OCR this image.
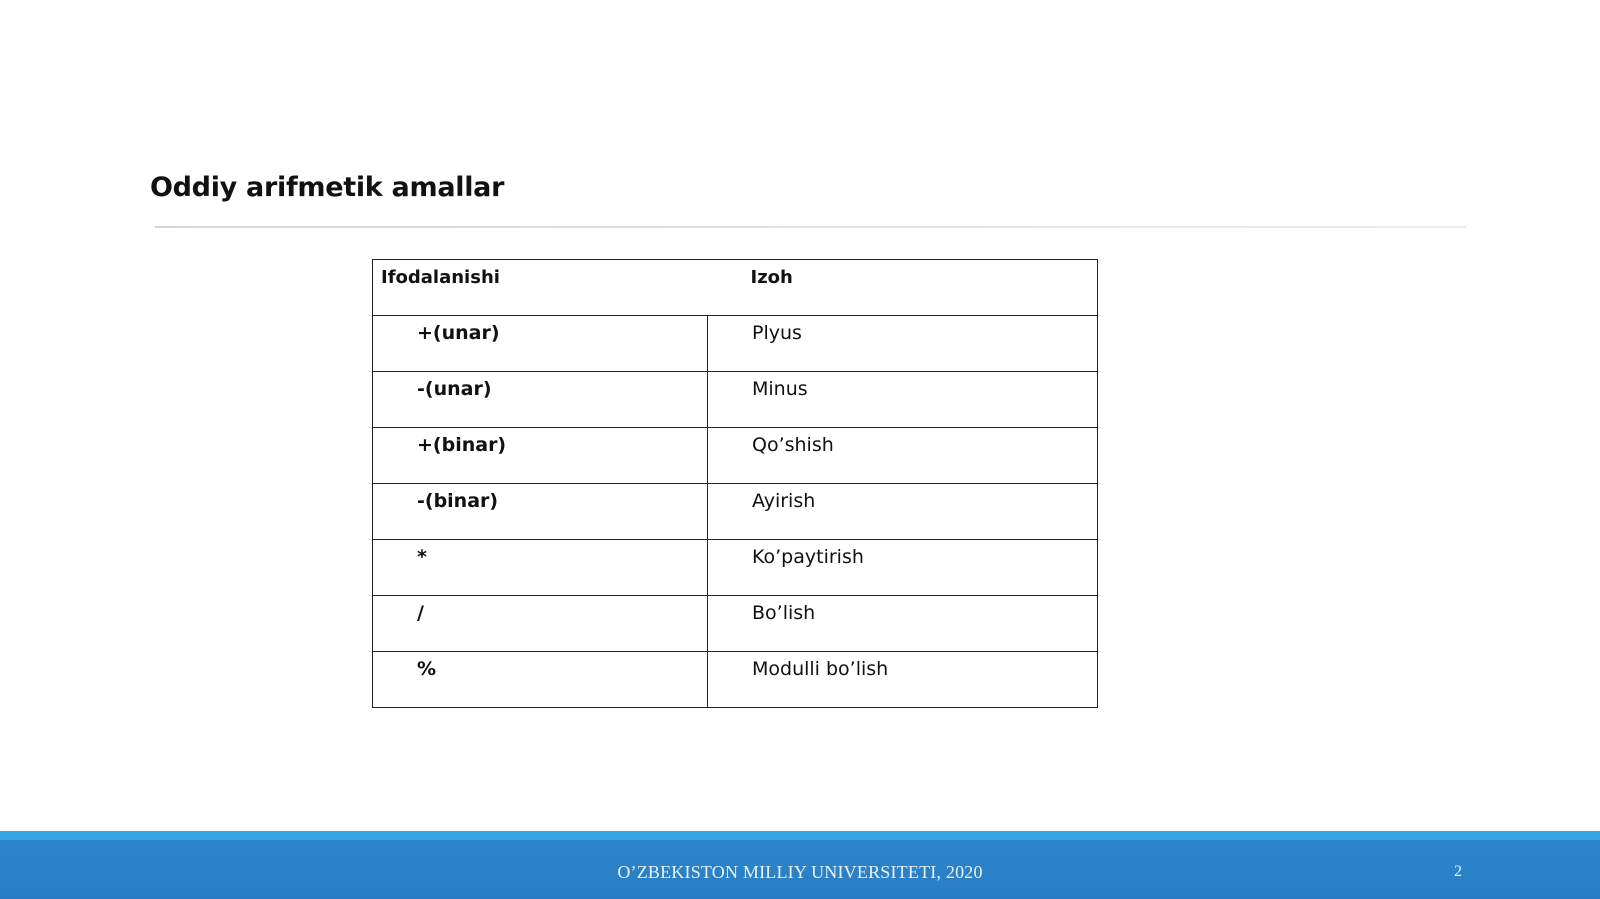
Oddiy arifmetik amallar
Ifodalanishi	Izoh

+(unar)	Plyus

-(unar)	Minus

+(binar)	Qo’shish

-(binar)	Ayirish

*	Ko’paytirish

/	Bo’lish

%	Modulli bo’lish
O’ZBEKISTON MILLIY UNIVERSITETI, 2020	2
